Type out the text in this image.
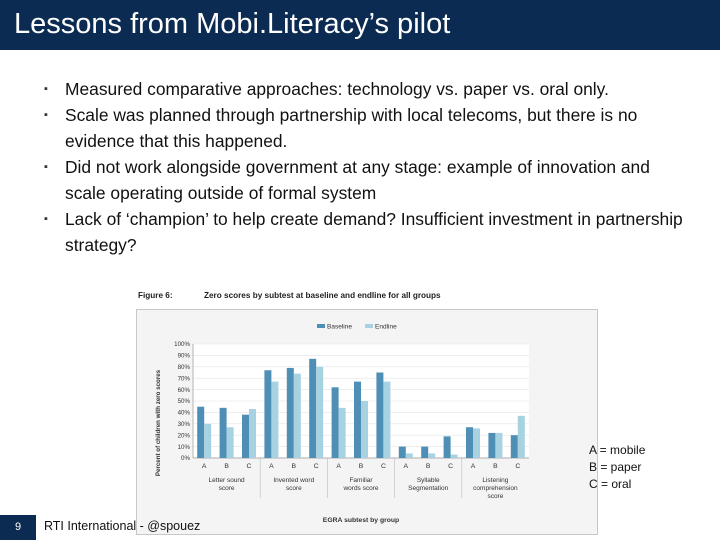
Lessons from Mobi.Literacy’s pilot
▪ Measured comparative approaches: technology vs. paper vs. oral only.
▪ Scale was planned through partnership with local telecoms, but there is no evidence that this happened.
▪ Did not work alongside government at any stage: example of innovation and scale operating outside of formal system
▪ Lack of ‘champion’ to help create demand? Insufficient investment in partnership strategy?
Figure 6:	Zero scores by subtest at baseline and endline for all groups
100%
90%
80%
70%
60%
50%
40%
30%
20%
10%
0%
A	B	C
Letter sound score
A	B	C
Invented word score
A	B	C
Familiar words score
A	B	C
Syllable Segmentation
A	B	C
Listening comprehension score
Percent of children with zero scores
EGRA subtest by group
Baseline	Endline
A = mobile
B = paper
C = oral
9	RTI International - @spouez
